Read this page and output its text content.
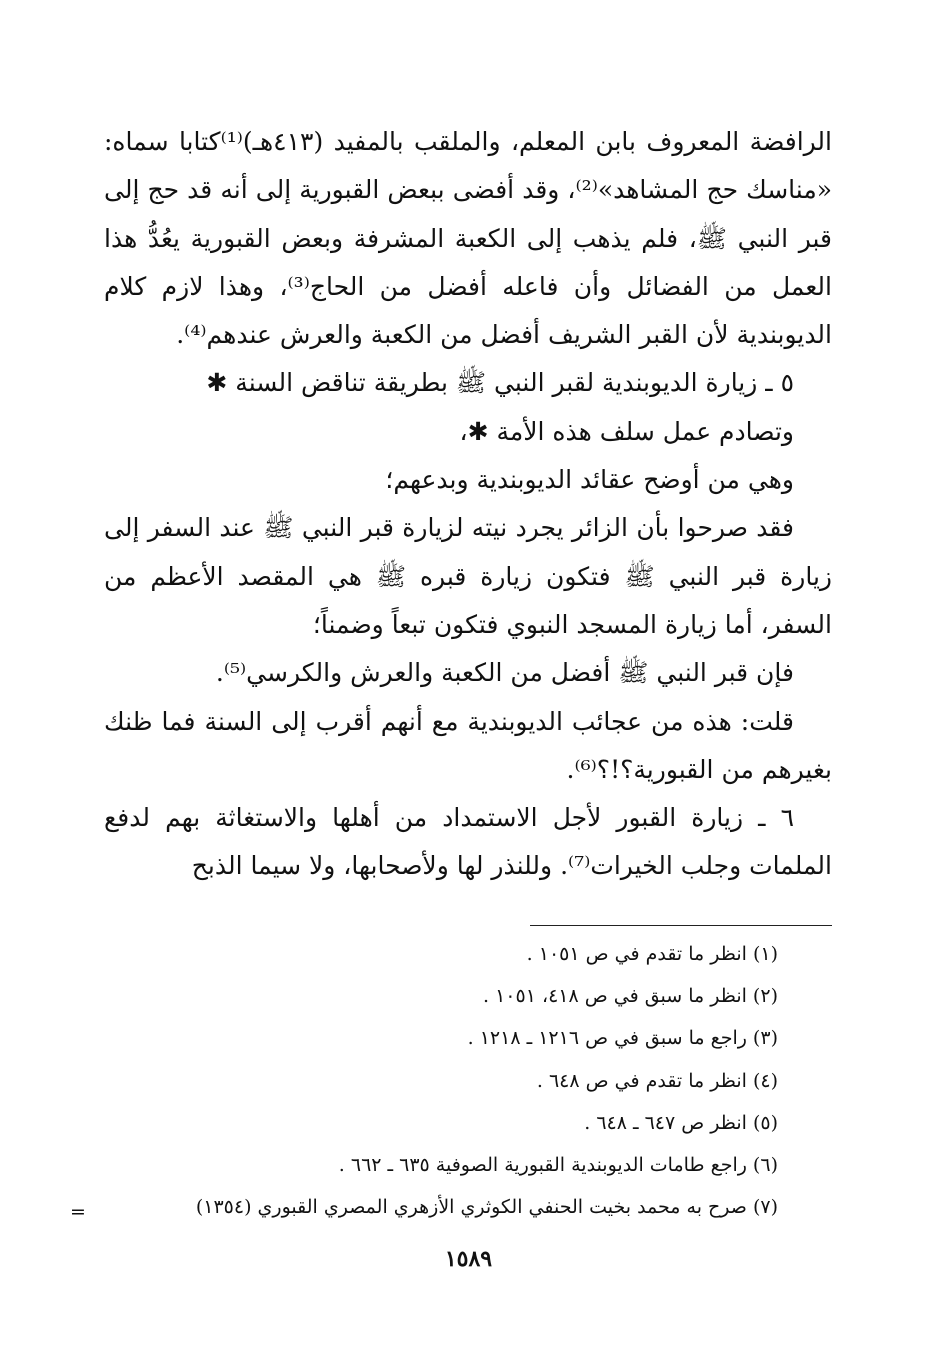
الرافضة المعروف بابن المعلم، والملقب بالمفيد (٤١٣هـ)⁽¹⁾كتابا سماه: «مناسك حج المشاهد»⁽²⁾، وقد أفضى ببعض القبورية إلى أنه قد حج إلى قبر النبي ﷺ، فلم يذهب إلى الكعبة المشرفة وبعض القبورية يعُدُّ هذا العمل من الفضائل وأن فاعله أفضل من الحاج⁽³⁾، وهذا لازم كلام الديوبندية لأن القبر الشريف أفضل من الكعبة والعرش عندهم⁽⁴⁾.

٥ ـ زيارة الديوبندية لقبر النبي ﷺ بطريقة تناقض السنة ✱

وتصادم عمل سلف هذه الأمة ✱،

وهي من أوضح عقائد الديوبندية وبدعهم؛

فقد صرحوا بأن الزائر يجرد نيته لزيارة قبر النبي ﷺ عند السفر إلى زيارة قبر النبي ﷺ فتكون زيارة قبره ﷺ هي المقصد الأعظم من السفر، أما زيارة المسجد النبوي فتكون تبعاً وضمناً؛

فإن قبر النبي ﷺ أفضل من الكعبة والعرش والكرسي⁽⁵⁾.

قلت: هذه من عجائب الديوبندية مع أنهم أقرب إلى السنة فما ظنك بغيرهم من القبورية؟!؟⁽⁶⁾.

٦ ـ زيارة القبور لأجل الاستمداد من أهلها والاستغاثة بهم لدفع الملمات وجلب الخيرات⁽⁷⁾. وللنذر لها ولأصحابها، ولا سيما الذبح

(١) انظر ما تقدم في ص ١٠٥١ .

(٢) انظر ما سبق في ص ٤١٨، ١٠٥١ .

(٣) راجع ما سبق في ص ١٢١٦ ـ ١٢١٨ .

(٤) انظر ما تقدم في ص ٦٤٨ .

(٥) انظر ص ٦٤٧ ـ ٦٤٨ .

(٦) راجع طامات الديوبندية القبورية الصوفية ٦٣٥ ـ ٦٦٢ .

(٧) صرح به محمد بخيت الحنفي الكوثري الأزهري المصري القبوري (١٣٥٤)

=
١٥٨٩
